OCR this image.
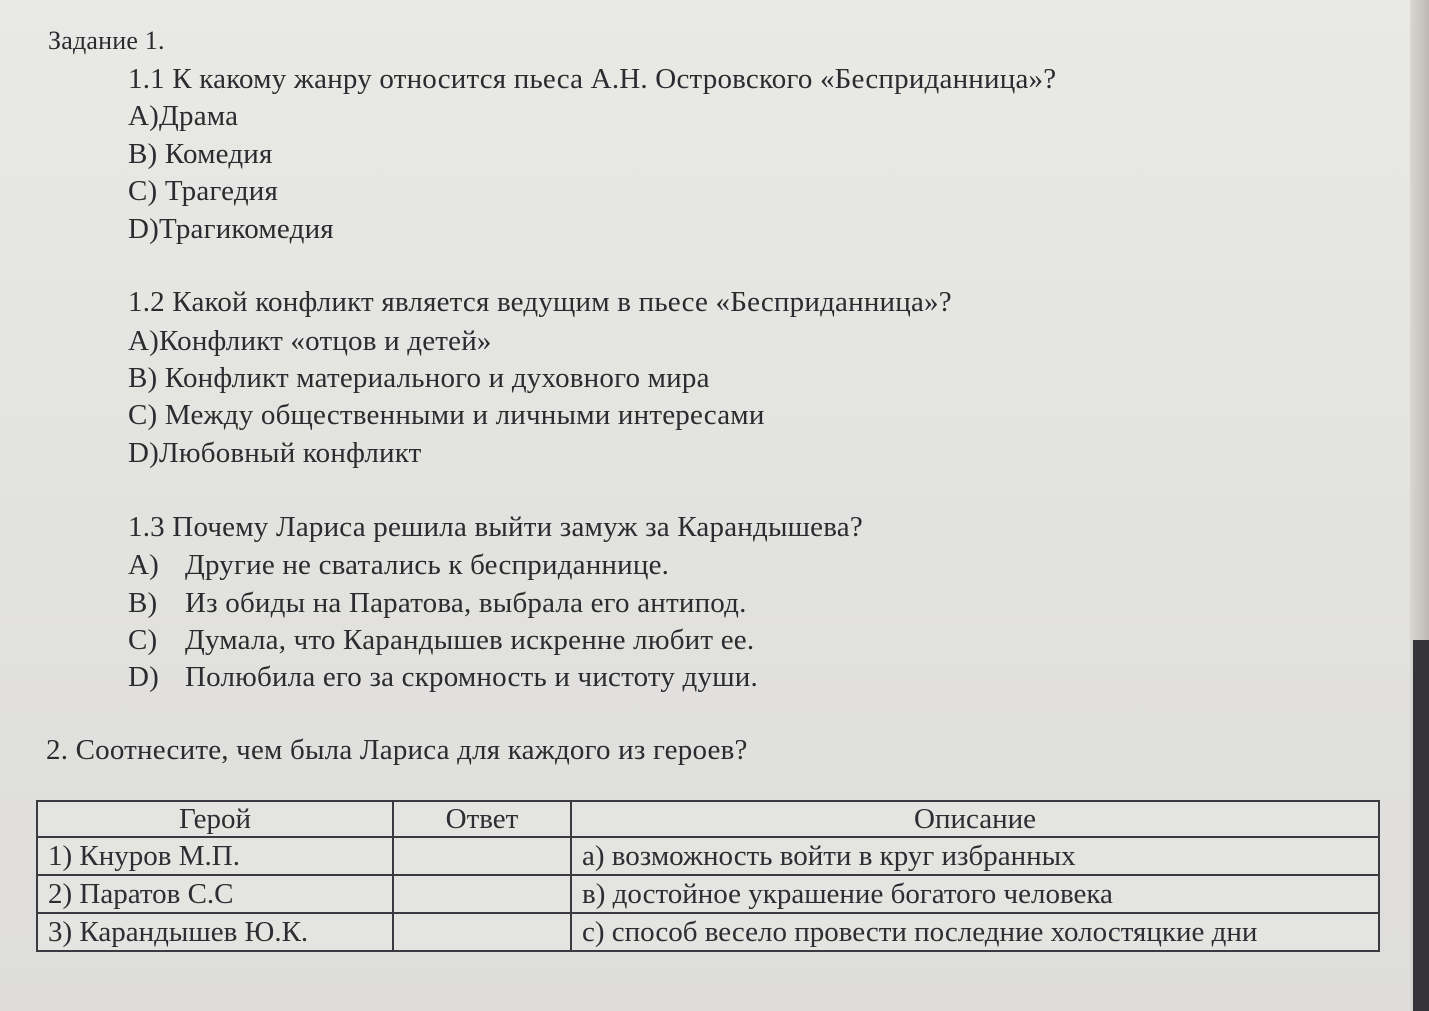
Задание 1.
1.1 К какому жанру относится пьеса А.Н. Островского «Бесприданница»?
A)Драма
B) Комедия
C) Трагедия
D)Трагикомедия
1.2 Какой конфликт является ведущим в пьесе «Бесприданница»?
A)Конфликт «отцов и детей»
B) Конфликт материального и духовного мира
C) Между общественными и личными интересами
D)Любовный конфликт
1.3 Почему Лариса решила выйти замуж за Карандышева?
A) Другие не сватались к бесприданнице.
B) Из обиды на Паратова, выбрала его антипод.
C) Думала, что Карандышев искренне любит ее.
D) Полюбила его за скромность и чистоту души.
2. Соотнесите, чем была Лариса для каждого из героев?
Герой	Ответ	Описание
1) Кнуров М.П.		а) возможность войти в круг избранных
2) Паратов С.С		в) достойное украшение богатого человека
3) Карандышев Ю.К.		с) способ весело провести последние холостяцкие дни
